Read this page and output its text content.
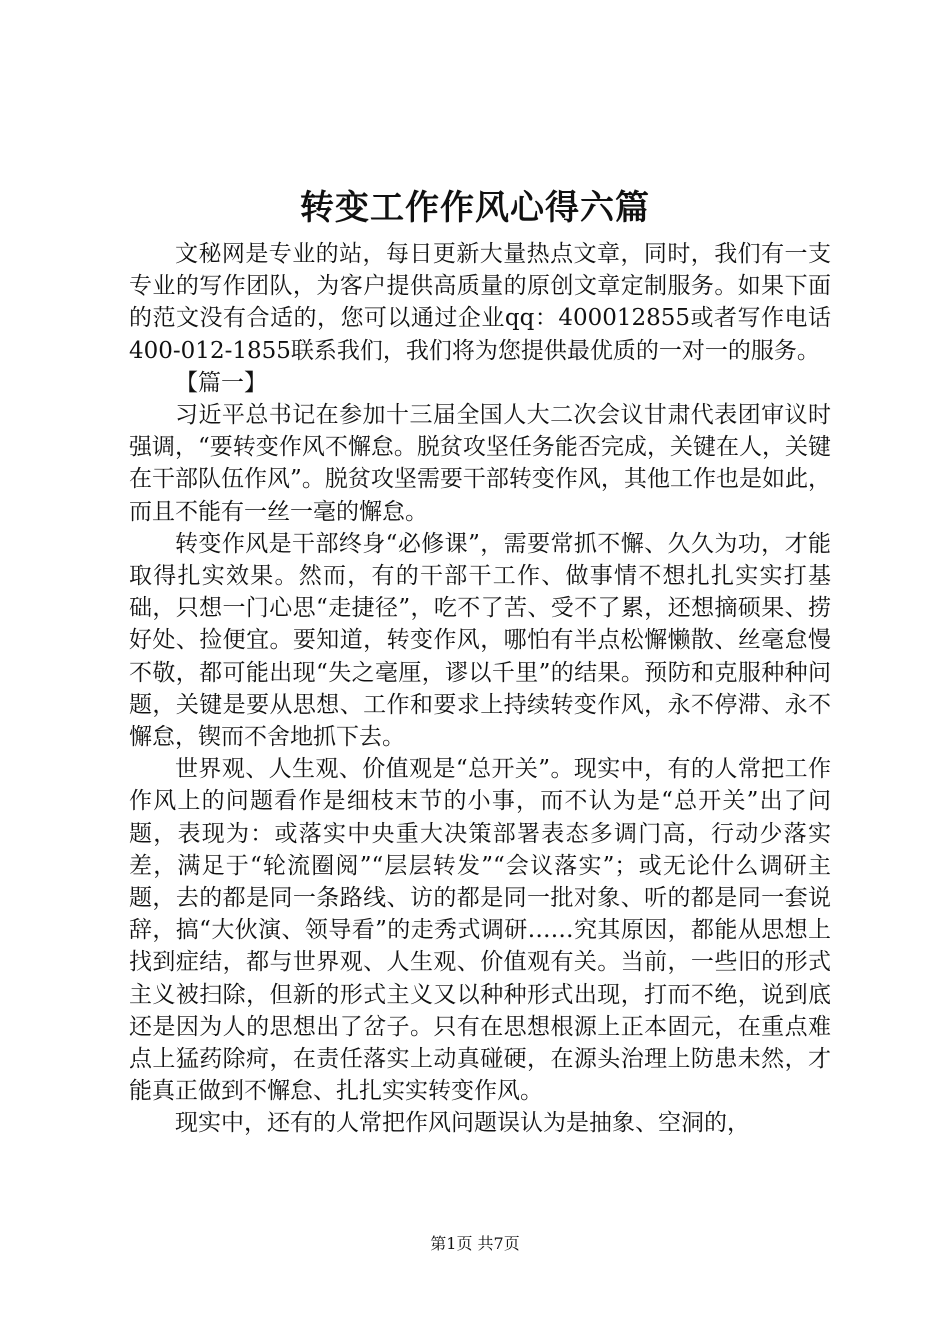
转变工作作风心得六篇

文秘网是专业的站，每日更新大量热点文章，同时，我们有一支专业的写作团队，为客户提供高质量的原创文章定制服务。如果下面的范文没有合适的，您可以通过企业qq：400012855或者写作电话400-012-1855联系我们，我们将为您提供最优质的一对一的服务。

【篇一】

习近平总书记在参加十三届全国人大二次会议甘肃代表团审议时强调，“要转变作风不懈怠。脱贫攻坚任务能否完成，关键在人，关键在干部队伍作风”。脱贫攻坚需要干部转变作风，其他工作也是如此，而且不能有一丝一毫的懈怠。

转变作风是干部终身“必修课”，需要常抓不懈、久久为功，才能取得扎实效果。然而，有的干部干工作、做事情不想扎扎实实打基础，只想一门心思“走捷径”，吃不了苦、受不了累，还想摘硕果、捞好处、捡便宜。要知道，转变作风，哪怕有半点松懈懒散、丝毫怠慢不敬，都可能出现“失之毫厘，谬以千里”的结果。预防和克服种种问题，关键是要从思想、工作和要求上持续转变作风，永不停滞、永不懈怠，锲而不舍地抓下去。

世界观、人生观、价值观是“总开关”。现实中，有的人常把工作作风上的问题看作是细枝末节的小事，而不认为是“总开关”出了问题，表现为：或落实中央重大决策部署表态多调门高，行动少落实差，满足于“轮流圈阅”“层层转发”“会议落实”；或无论什么调研主题，去的都是同一条路线、访的都是同一批对象、听的都是同一套说辞，搞“大伙演、领导看”的走秀式调研……究其原因，都能从思想上找到症结，都与世界观、人生观、价值观有关。当前，一些旧的形式主义被扫除，但新的形式主义又以种种形式出现，打而不绝，说到底还是因为人的思想出了岔子。只有在思想根源上正本固元，在重点难点上猛药除疴，在责任落实上动真碰硬，在源头治理上防患未然，才能真正做到不懈怠、扎扎实实转变作风。

现实中，还有的人常把作风问题误认为是抽象、空洞的，

第1页 共7页
